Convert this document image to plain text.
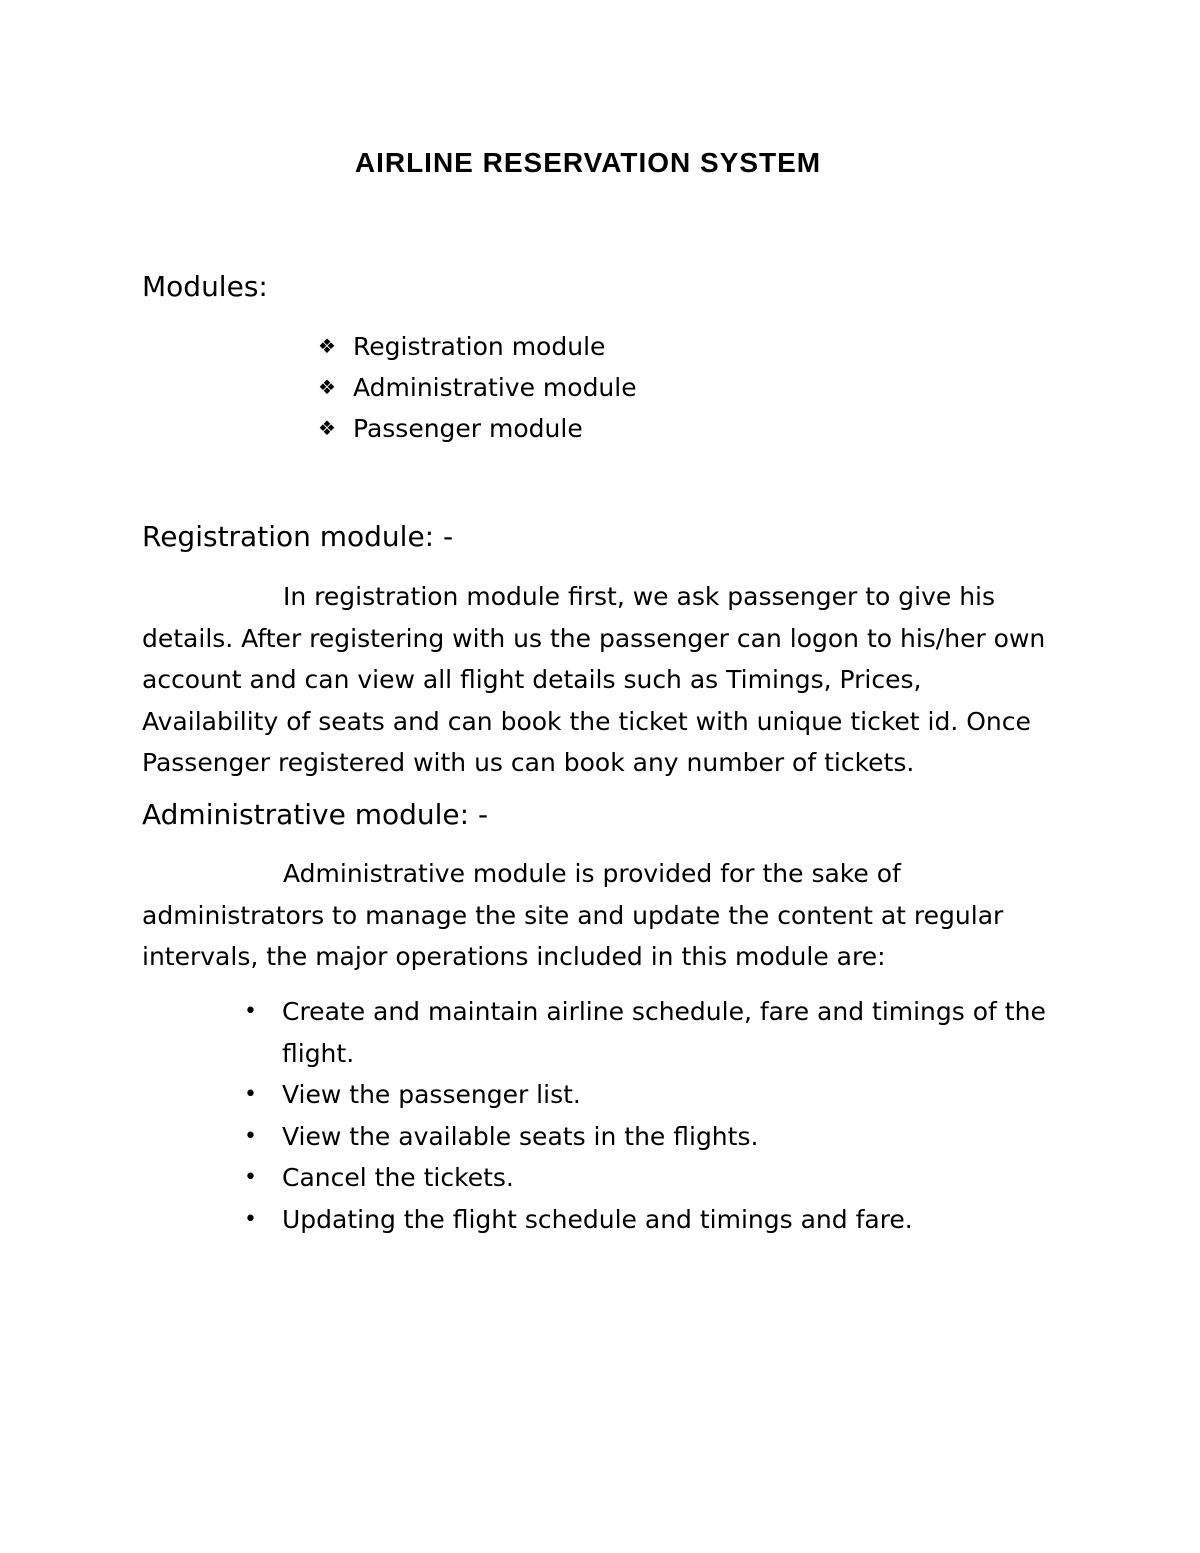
AIRLINE RESERVATION SYSTEM
Modules:
❖ Registration module
❖ Administrative module
❖ Passenger module
Registration module: -

In registration module first, we ask passenger to give his details. After registering with us the passenger can logon to his/her own account and can view all flight details such as Timings, Prices, Availability of seats and can book the ticket with unique ticket id. Once Passenger registered with us can book any number of tickets.

Administrative module: -

Administrative module is provided for the sake of administrators to manage the site and update the content at regular intervals, the major operations included in this module are:

•	Create and maintain airline schedule, fare and timings of the flight.
•	View the passenger list.
•	View the available seats in the flights.
•	Cancel the tickets.
•	Updating the flight schedule and timings and fare.
